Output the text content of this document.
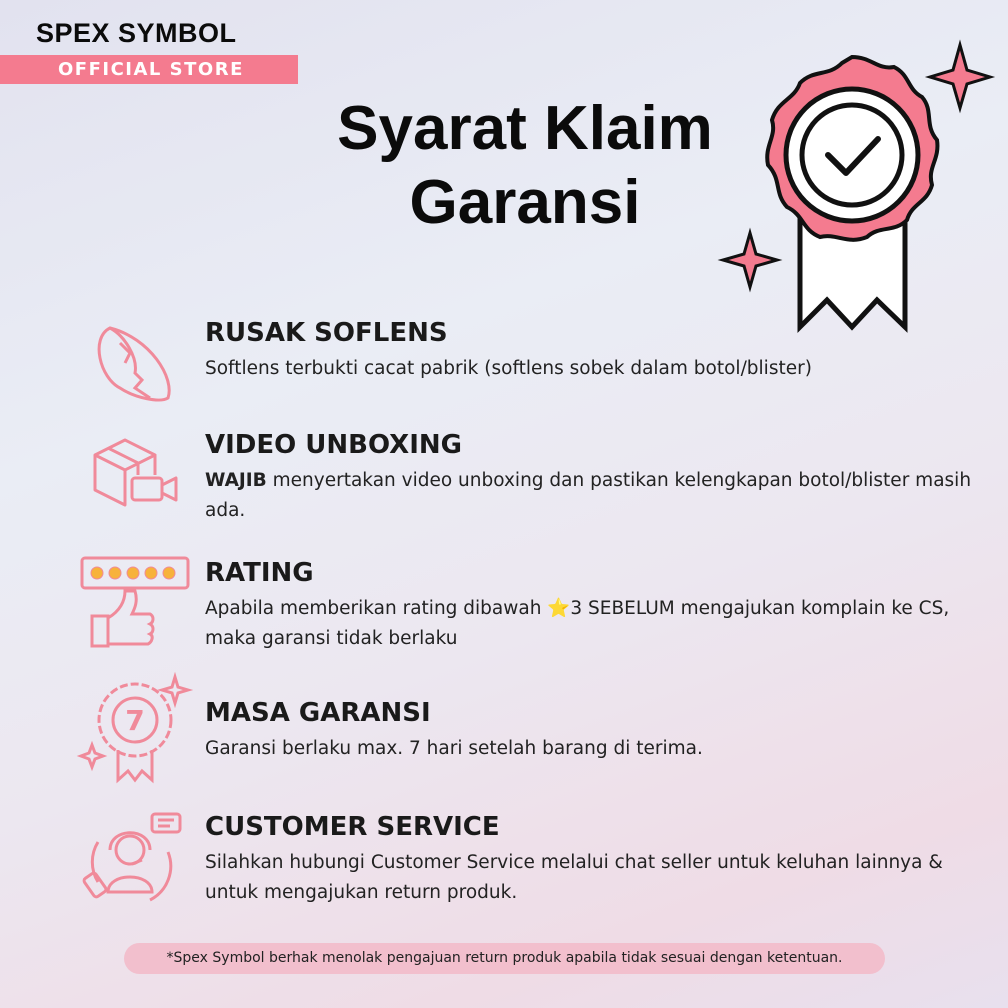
SPEX SYMBOL
OFFICIAL STORE
Syarat Klaim
Garansi
RUSAK SOFLENS
Softlens terbukti cacat pabrik (softlens sobek dalam botol/blister)
VIDEO UNBOXING
WAJIB menyertakan video unboxing dan pastikan kelengkapan botol/blister masih ada.
RATING
Apabila memberikan rating dibawah ⭐3 SEBELUM mengajukan komplain ke CS, maka garansi tidak berlaku
7 MASA GARANSI
Garansi berlaku max. 7 hari setelah barang di terima.
CUSTOMER SERVICE
Silahkan hubungi Customer Service melalui chat seller untuk keluhan lainnya & untuk mengajukan return produk.
*Spex Symbol berhak menolak pengajuan return produk apabila tidak sesuai dengan ketentuan.
